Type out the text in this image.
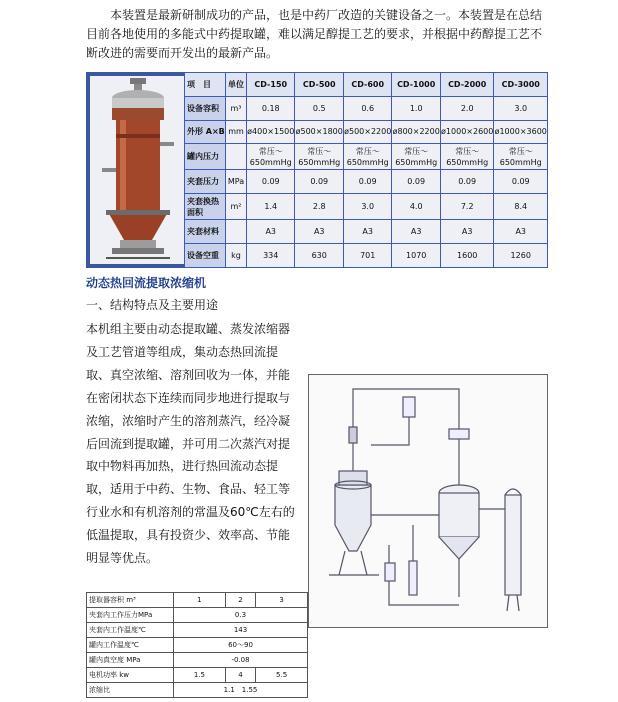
本装置是最新研制成功的产品，也是中药厂改造的关键设备之一。本装置是在总结目前各地使用的多能式中药提取罐，难以满足醇提工艺的要求，并根据中药醇提工艺不断改进的需要而开发出的最新产品。

项　目	单位	CD-150	CD-500	CD-600	CD-1000	CD-2000	CD-3000
设备容积	m³	0.18	0.5	0.6	1.0	2.0	3.0
外形 A×B	mm	ø400×1500	ø500×1800	ø500×2200	ø800×2200	ø1000×2600	ø1000×3600
罐内压力		常压～650mmHg	常压～650mmHg	常压～650mmHg	常压～650mmHg	常压～650mmHg	常压～650mmHg
夹套压力	MPa	0.09	0.09	0.09	0.09	0.09	0.09
夹套换热面积	m²	1.4	2.8	3.0	4.0	7.2	8.4
夹套材料		A3	A3	A3	A3	A3	A3
设备空重	kg	334	630	701	1070	1600	1260
动态热回流提取浓缩机
一、结构特点及主要用途

本机组主要由动态提取罐、蒸发浓缩器

及工艺管道等组成，集动态热回流提

取、真空浓缩、溶剂回收为一体，并能

在密闭状态下连续而同步地进行提取与

浓缩，浓缩时产生的溶剂蒸汽，经冷凝

后回流到提取罐，并可用二次蒸汽对提

取中物料再加热，进行热回流动态提

取，适用于中药、生物、食品、轻工等

行业水和有机溶剂的常温及60℃左右的

低温提取，具有投资少、效率高、节能

明显等优点。

提取器容积 m³	1	2	3
夹套内工作压力MPa	0.3		
夹套内工作温度℃	143		
罐内工作温度℃	60～90		
罐内真空度 MPa	-0.08		
电机功率 kw	1.5	4	5.5
浓缩比	1.1　1.55		
